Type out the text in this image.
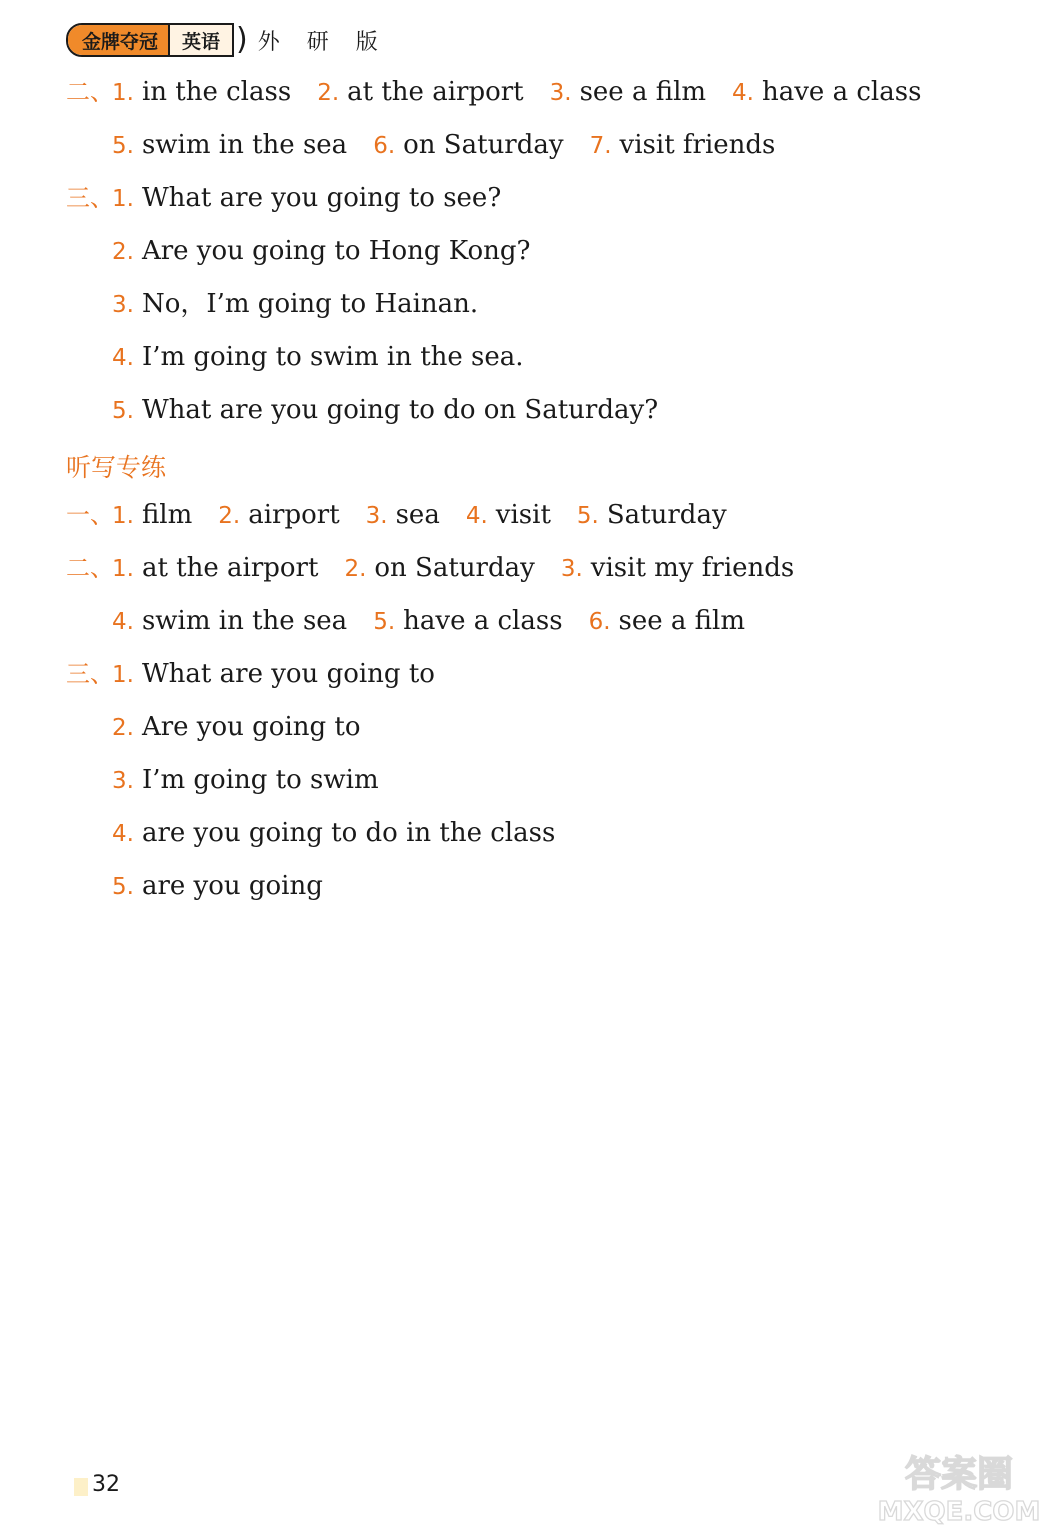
金牌夺冠	英语 ) 外 研 版
二、1. in the class 2. at the airport 3. see a film 4. have a class
5. swim in the sea 6. on Saturday 7. visit friends
三、1. What are you going to see?
2. Are you going to Hong Kong?
3. No，I’m going to Hainan.
4. I’m going to swim in the sea.
5. What are you going to do on Saturday?
听写专练
一、1. film 2. airport 3. sea 4. visit 5. Saturday
二、1. at the airport 2. on Saturday 3. visit my friends
4. swim in the sea 5. have a class 6. see a film
三、1. What are you going to
2. Are you going to
3. I’m going to swim
4. are you going to do in the class
5. are you going
32	答案圈
MXQE.COM
